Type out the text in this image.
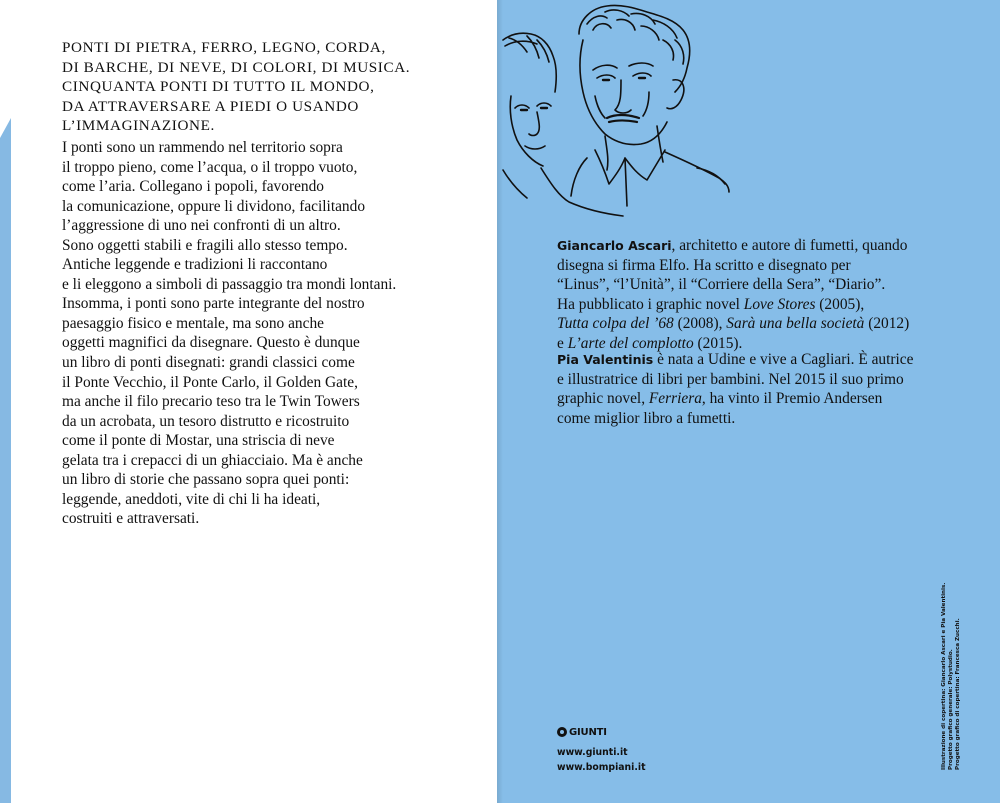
PONTI DI PIETRA, FERRO, LEGNO, CORDA,
DI BARCHE, DI NEVE, DI COLORI, DI MUSICA.
CINQUANTA PONTI DI TUTTO IL MONDO,
DA ATTRAVERSARE A PIEDI O USANDO
L’IMMAGINAZIONE.

I ponti sono un rammendo nel territorio sopra
il troppo pieno, come l’acqua, o il troppo vuoto,
come l’aria. Collegano i popoli, favorendo
la comunicazione, oppure li dividono, facilitando
l’aggressione di uno nei confronti di un altro.
Sono oggetti stabili e fragili allo stesso tempo.
Antiche leggende e tradizioni li raccontano
e li eleggono a simboli di passaggio tra mondi lontani.
Insomma, i ponti sono parte integrante del nostro
paesaggio fisico e mentale, ma sono anche
oggetti magnifici da disegnare. Questo è dunque
un libro di ponti disegnati: grandi classici come
il Ponte Vecchio, il Ponte Carlo, il Golden Gate,
ma anche il filo precario teso tra le Twin Towers
da un acrobata, un tesoro distrutto e ricostruito
come il ponte di Mostar, una striscia di neve
gelata tra i crepacci di un ghiacciaio. Ma è anche
un libro di storie che passano sopra quei ponti:
leggende, aneddoti, vite di chi li ha ideati,
costruiti e attraversati.

Giancarlo Ascari, architetto e autore di fumetti, quando
disegna si firma Elfo. Ha scritto e disegnato per
“Linus”, “l’Unità”, il “Corriere della Sera”, “Diario”.
Ha pubblicato i graphic novel Love Stores (2005),
Tutta colpa del ’68 (2008), Sarà una bella società (2012)
e L’arte del complotto (2015).

Pia Valentinis è nata a Udine e vive a Cagliari. È autrice
e illustratrice di libri per bambini. Nel 2015 il suo primo
graphic novel, Ferriera, ha vinto il Premio Andersen
come miglior libro a fumetti.

GIUNTI

www.giunti.it
www.bompiani.it	Illustrazione di copertina: Giancarlo Ascari e Pia Valentinis. Progetto grafico generale: Polystudio. Progetto grafico di copertina: Francesca Zucchi.
